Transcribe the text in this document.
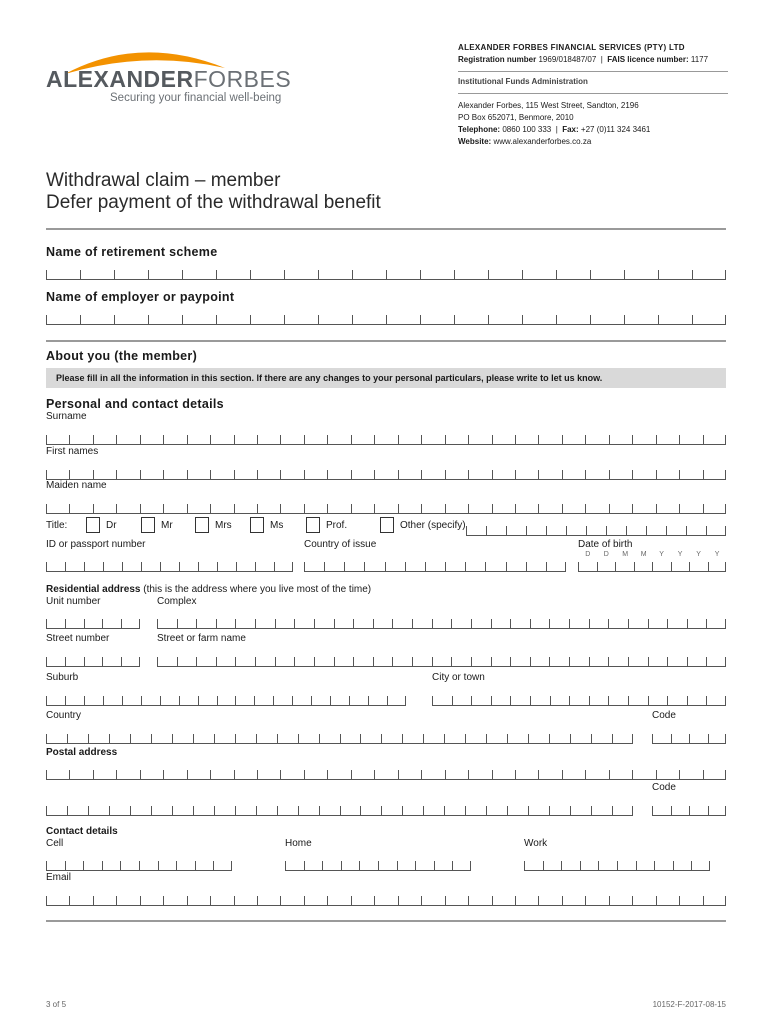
ALEXANDERFORBES
Securing your financial well-being
ALEXANDER FORBES FINANCIAL SERVICES (PTY) LTD
Registration number 1969/018487/07  |  FAIS licence number: 1177
Institutional Funds Administration
Alexander Forbes, 115 West Street, Sandton, 2196
PO Box 652071, Benmore, 2010
Telephone: 0860 100 333  |  Fax: +27 (0)11 324 3461
Website: www.alexanderforbes.co.za
Withdrawal claim – member
Defer payment of the withdrawal benefit
Name of retirement scheme
Name of employer or paypoint
About you (the member)
Please fill in all the information in this section. If there are any changes to your personal particulars, please write to let us know.
Personal and contact details
Surname
First names
Maiden name
Title:	Dr	Mr	Mrs	Ms	Prof.	Other (specify)
ID or passport number	Country of issue	Date of birth
D D M M Y Y Y Y
Residential address (this is the address where you live most of the time)
Unit number	Complex
Street number	Street or farm name
Suburb	City or town
Country	Code
Postal address
Code
Contact details
Cell	Home	Work
Email
3 of 5	10152-F-2017-08-15
